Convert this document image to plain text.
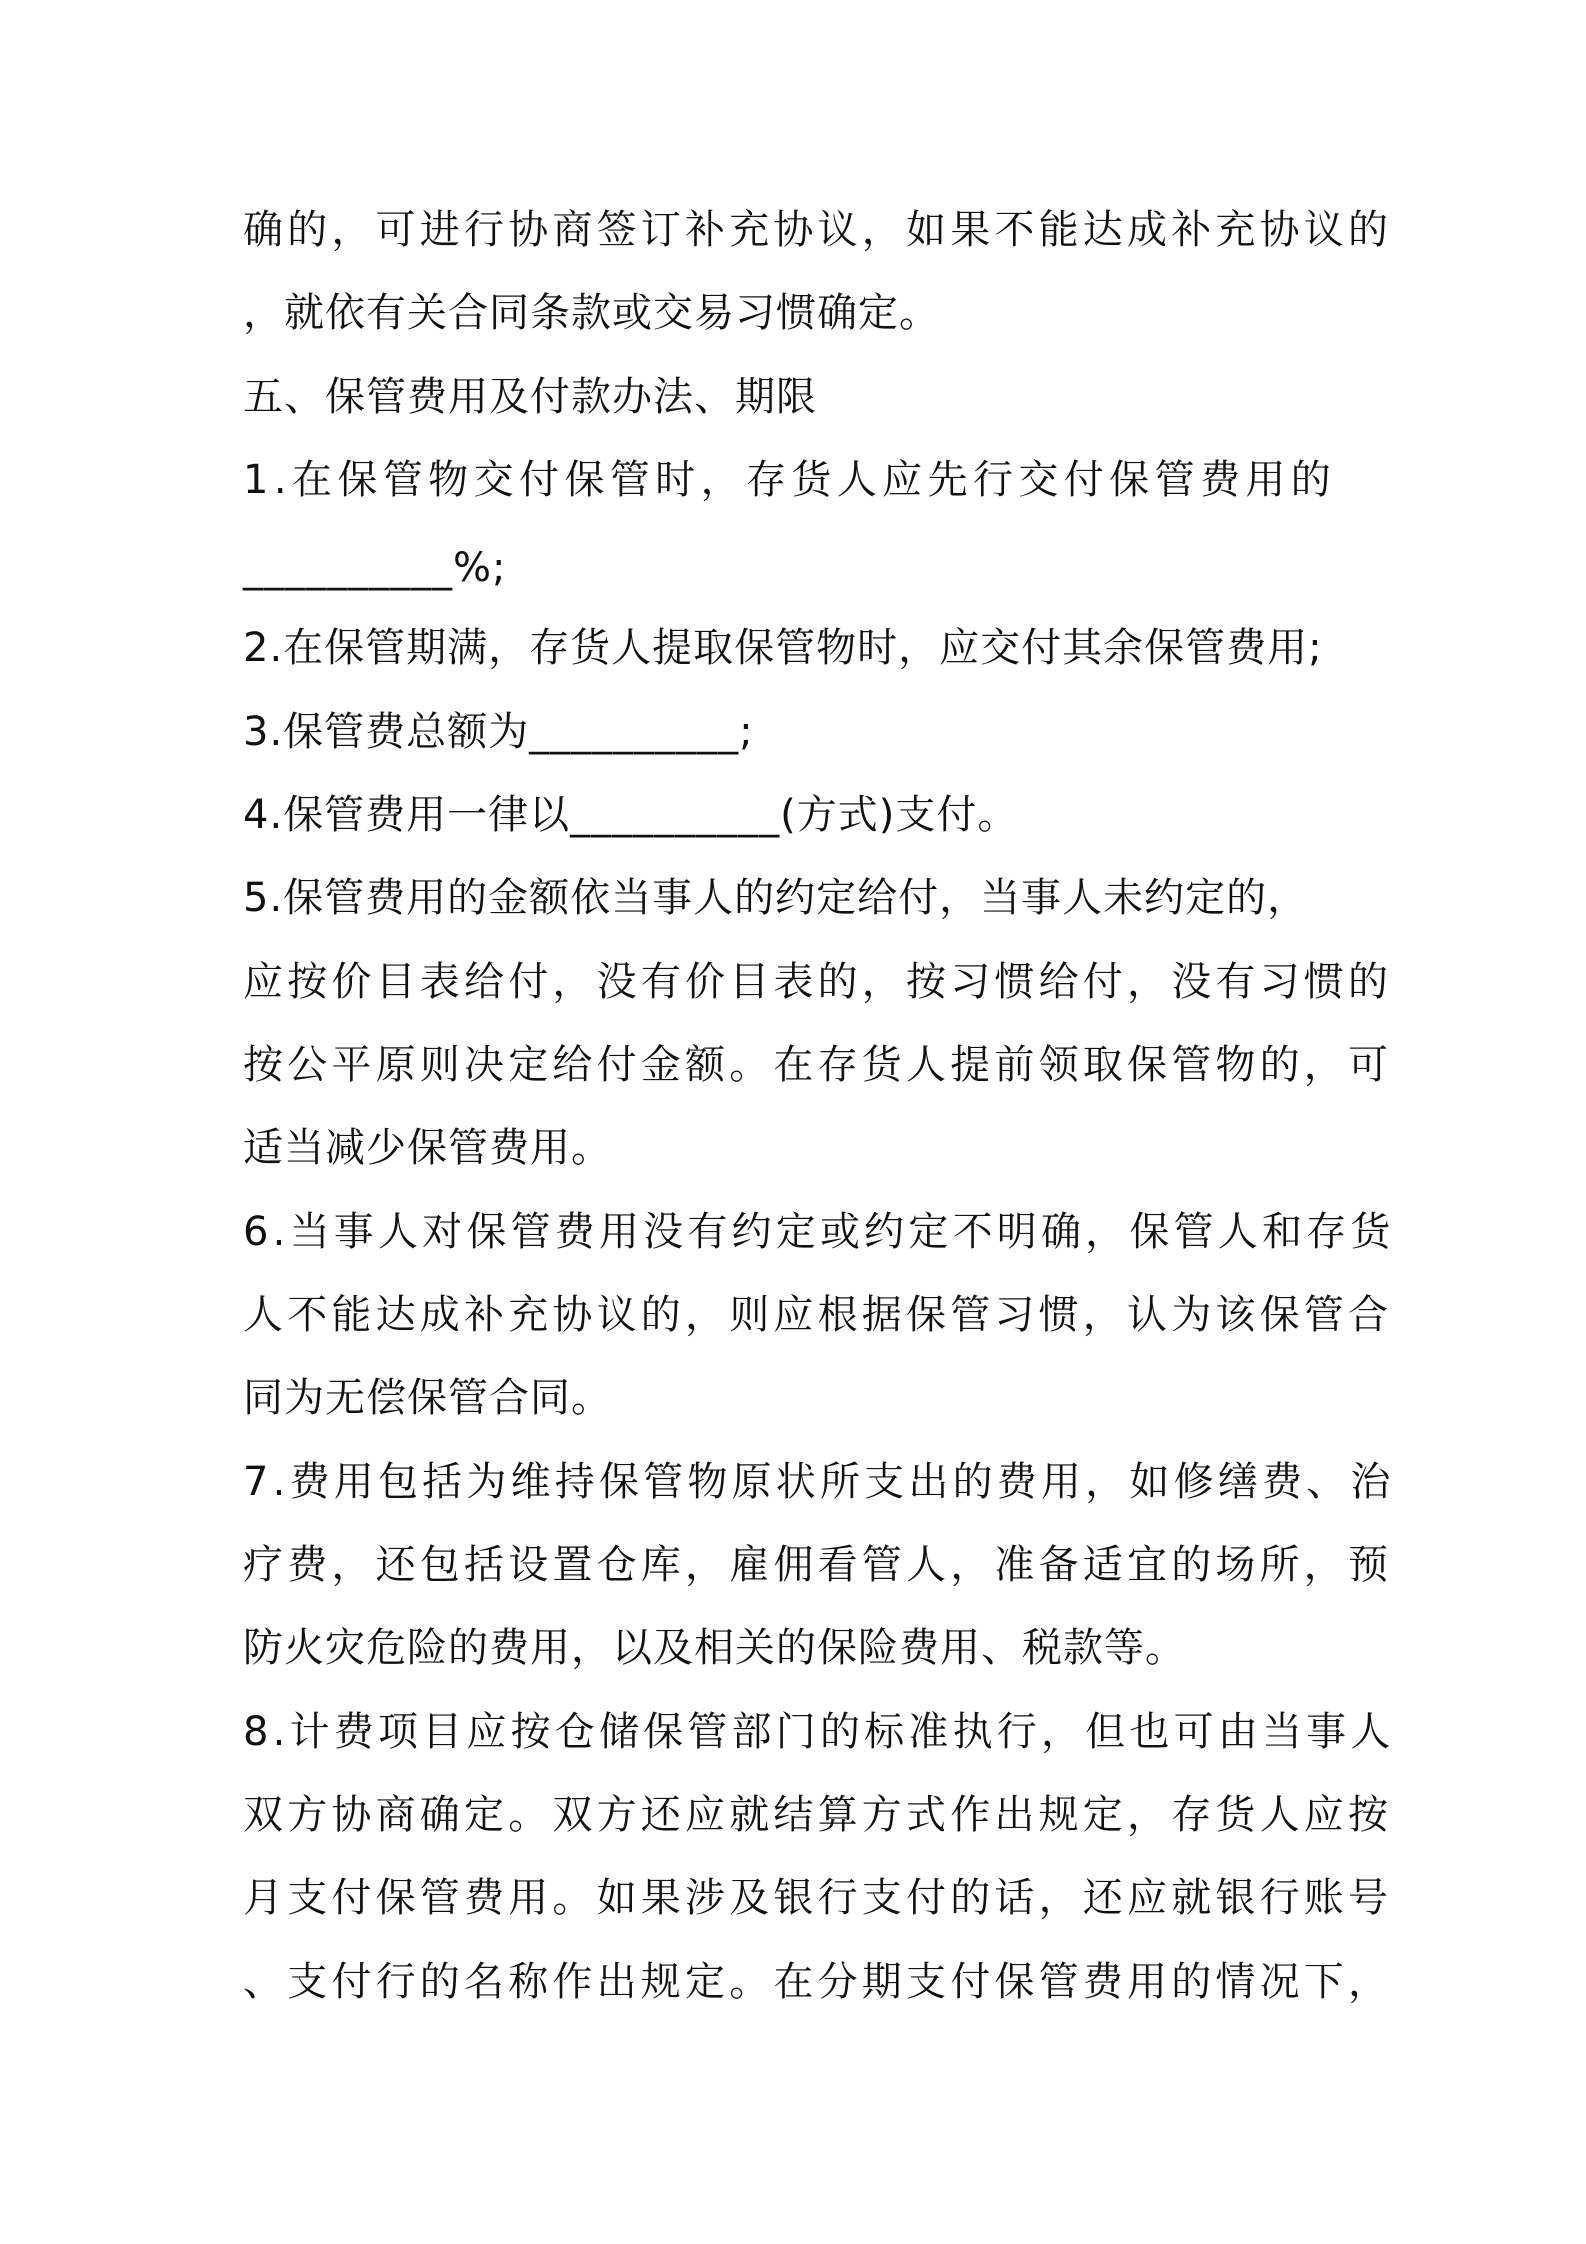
确的，可进行协商签订补充协议，如果不能达成补充协议的
，就依有关合同条款或交易习惯确定。
五、保管费用及付款办法、期限
1.在保管物交付保管时，存货人应先行交付保管费用的
__________%;
2.在保管期满，存货人提取保管物时，应交付其余保管费用;
3.保管费总额为__________;
4.保管费用一律以__________(方式)支付。
5.保管费用的金额依当事人的约定给付，当事人未约定的，
应按价目表给付，没有价目表的，按习惯给付，没有习惯的
按公平原则决定给付金额。在存货人提前领取保管物的，可
适当减少保管费用。
6.当事人对保管费用没有约定或约定不明确，保管人和存货
人不能达成补充协议的，则应根据保管习惯，认为该保管合
同为无偿保管合同。
7.费用包括为维持保管物原状所支出的费用，如修缮费、治
疗费，还包括设置仓库，雇佣看管人，准备适宜的场所，预
防火灾危险的费用，以及相关的保险费用、税款等。
8.计费项目应按仓储保管部门的标准执行，但也可由当事人
双方协商确定。双方还应就结算方式作出规定，存货人应按
月支付保管费用。如果涉及银行支付的话，还应就银行账号
、支付行的名称作出规定。在分期支付保管费用的情况下，
